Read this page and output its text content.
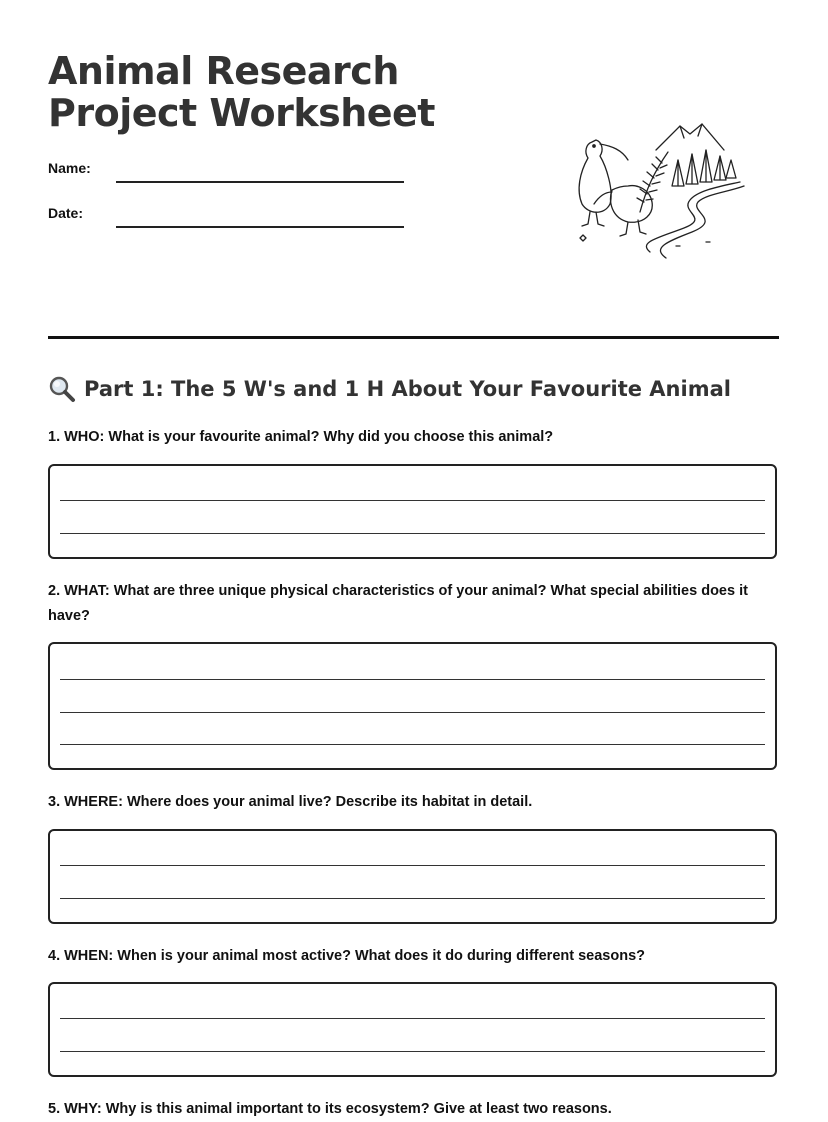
Animal Research Project Worksheet
Name:
Date:
Part 1: The 5 W's and 1 H About Your Favourite Animal

1. WHO: What is your favourite animal? Why did you choose this animal?

2. WHAT: What are three unique physical characteristics of your animal? What special abilities does it have?

3. WHERE: Where does your animal live? Describe its habitat in detail.

4. WHEN: When is your animal most active? What does it do during different seasons?

5. WHY: Why is this animal important to its ecosystem? Give at least two reasons.
